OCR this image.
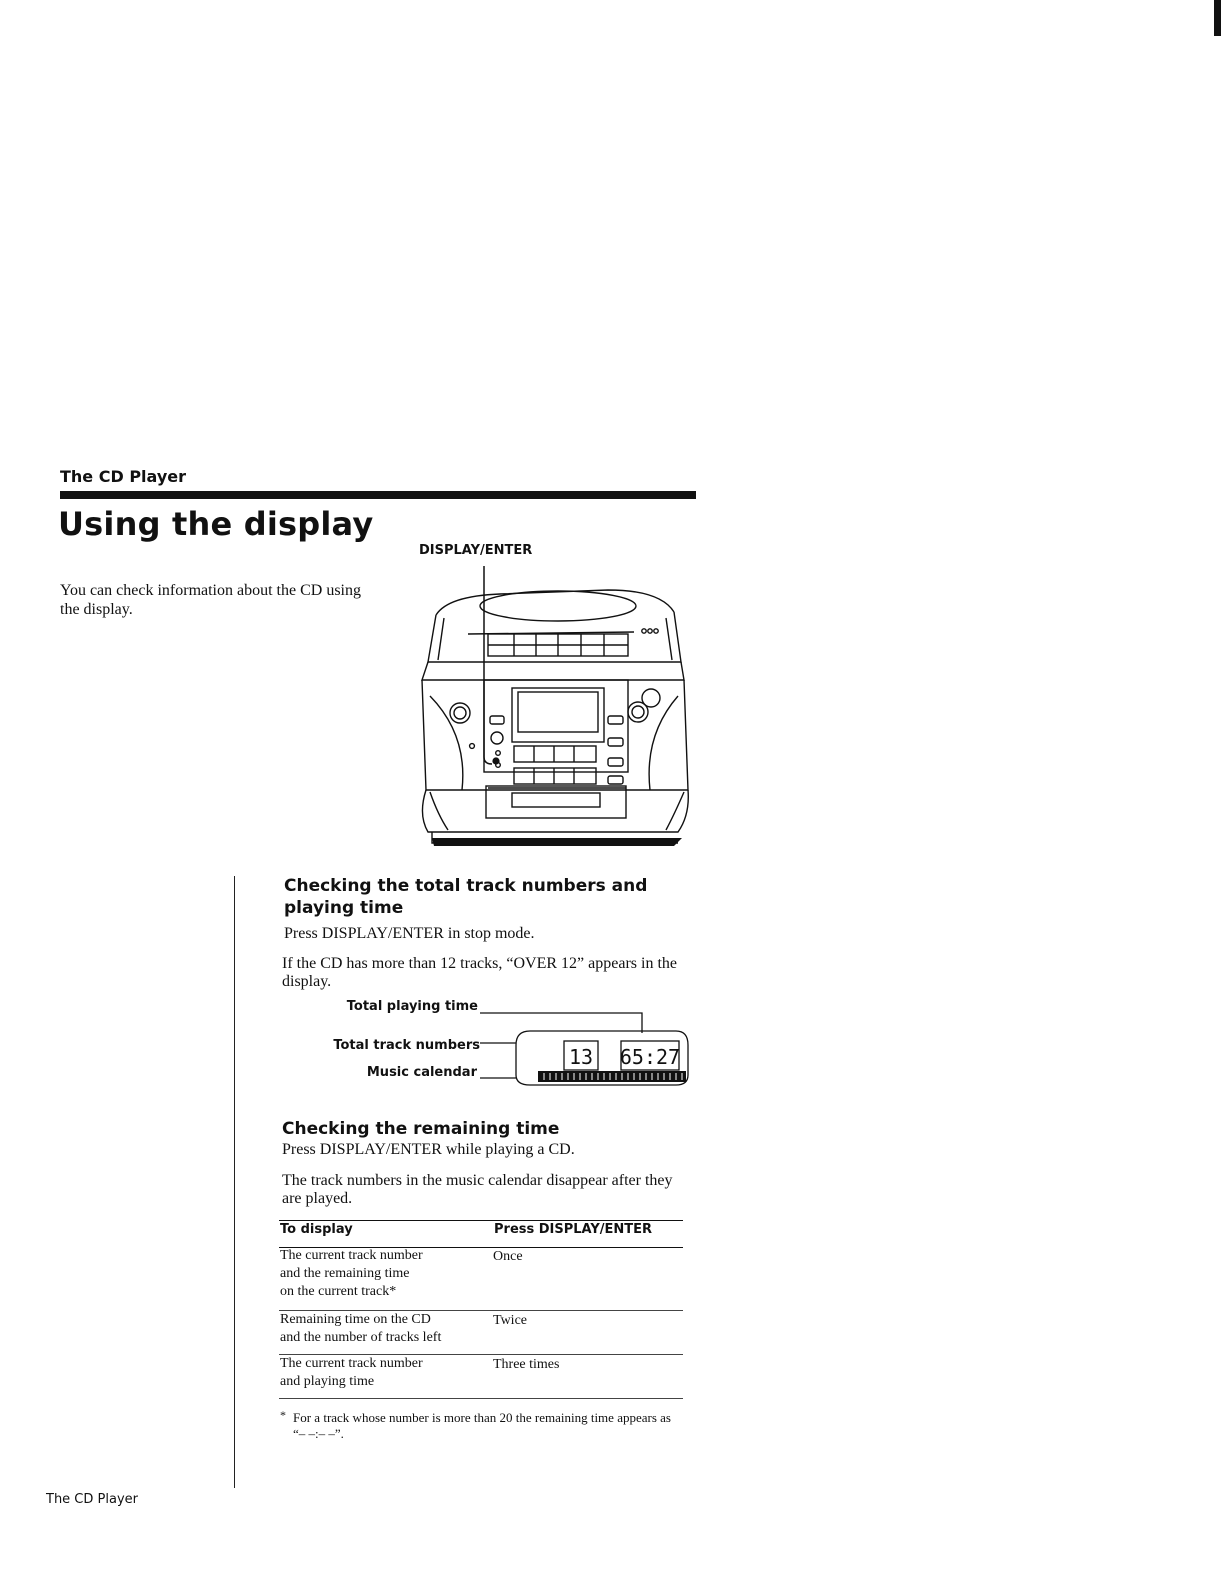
The CD Player
Using the display
You can check information about the CD using the display.
DISPLAY/ENTER
Checking the total track numbers and playing time
Press DISPLAY/ENTER in stop mode.
If the CD has more than 12 tracks, “OVER 12” appears in the display.
Total playing time
Total track numbers
Music calendar
13 65:27
Checking the remaining time
Press DISPLAY/ENTER while playing a CD.
The track numbers in the music calendar disappear after they are played.
To display	Press DISPLAY/ENTER
The current track number
and the remaining time
on the current track*
Once
Remaining time on the CD
and the number of tracks left
Twice
The current track number
and playing time
Three times
* For a track whose number is more than 20 the remaining time appears as “– –:– –”.
The CD Player
